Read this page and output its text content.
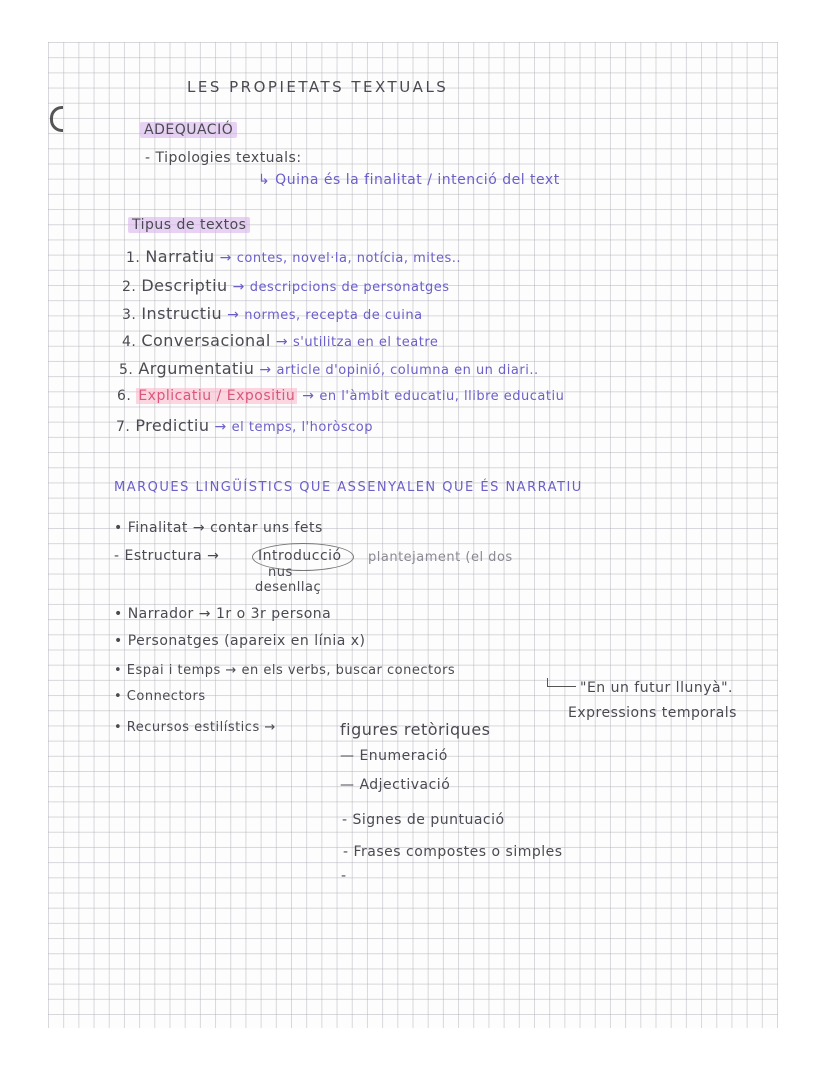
LES PROPIETATS TEXTUALS
ADEQUACIÓ
- Tipologies textuals:
↳ Quina és la finalitat / intenció del text
Tipus de textos
1. Narratiu → contes, novel·la, notícia, mites..
2. Descriptiu → descripcions de personatges
3. Instructiu → normes, recepta de cuina
4. Conversacional → s'utilitza en el teatre
5. Argumentatiu → article d'opinió, columna en un diari..
6. Explicatiu / Expositiu → en l'àmbit educatiu, llibre educatiu
7. Predictiu → el temps, l'horòscop
MARQUES LINGÜÍSTICS QUE ASSENYALEN QUE ÉS NARRATIU
• Finalitat → contar uns fets
- Estructura →	Introducció plantejament (el dos
nus
desenllaç
• Narrador → 1r o 3r persona
• Personatges (apareix en línia x)
• Espai i temps → en els verbs, buscar conectors
• Connectors
"En un futur llunyà".
Expressions temporals
• Recursos estilístics →	figures retòriques
— Enumeració
— Adjectivació
- Signes de puntuació
- Frases compostes o simples
-
